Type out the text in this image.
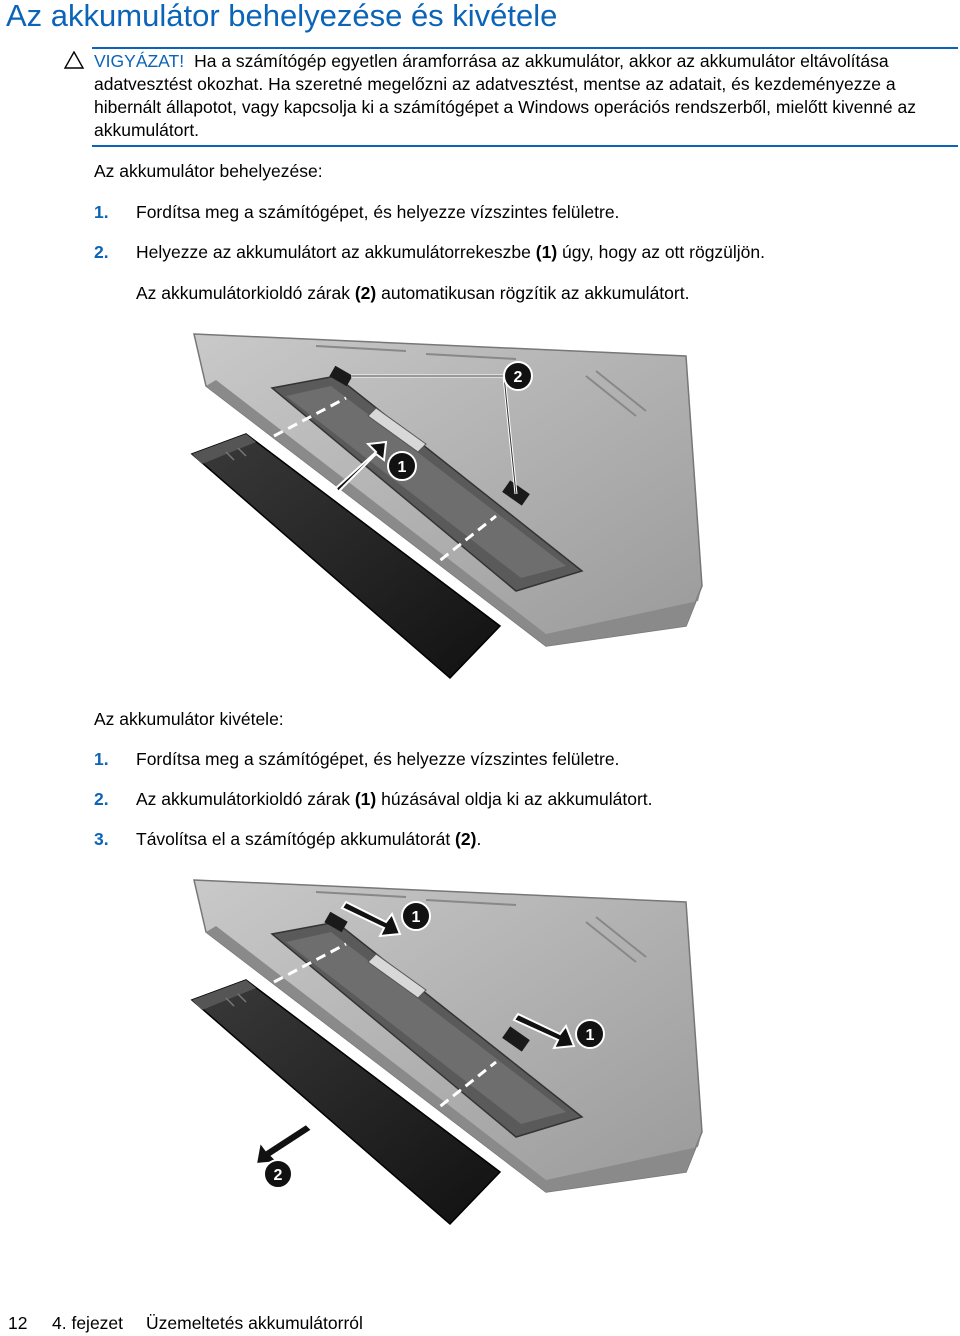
Az akkumulátor behelyezése és kivétele

VIGYÁZAT! Ha a számítógép egyetlen áramforrása az akkumulátor, akkor az akkumulátor eltávolítása adatvesztést okozhat. Ha szeretné megelőzni az adatvesztést, mentse az adatait, és kezdeményezze a hibernált állapotot, vagy kapcsolja ki a számítógépet a Windows operációs rendszerből, mielőtt kivenné az akkumulátort.

Az akkumulátor behelyezése:

1. Fordítsa meg a számítógépet, és helyezze vízszintes felületre.

2. Helyezze az akkumulátort az akkumulátorrekeszbe (1) úgy, hogy az ott rögzüljön.

Az akkumulátorkioldó zárak (2) automatikusan rögzítik az akkumulátort.

1
2

Az akkumulátor kivétele:

1. Fordítsa meg a számítógépet, és helyezze vízszintes felületre.

2. Az akkumulátorkioldó zárak (1) húzásával oldja ki az akkumulátort.

3. Távolítsa el a számítógép akkumulátorát (2).

1
1
2
12 4. fejezet Üzemeltetés akkumulátorról
